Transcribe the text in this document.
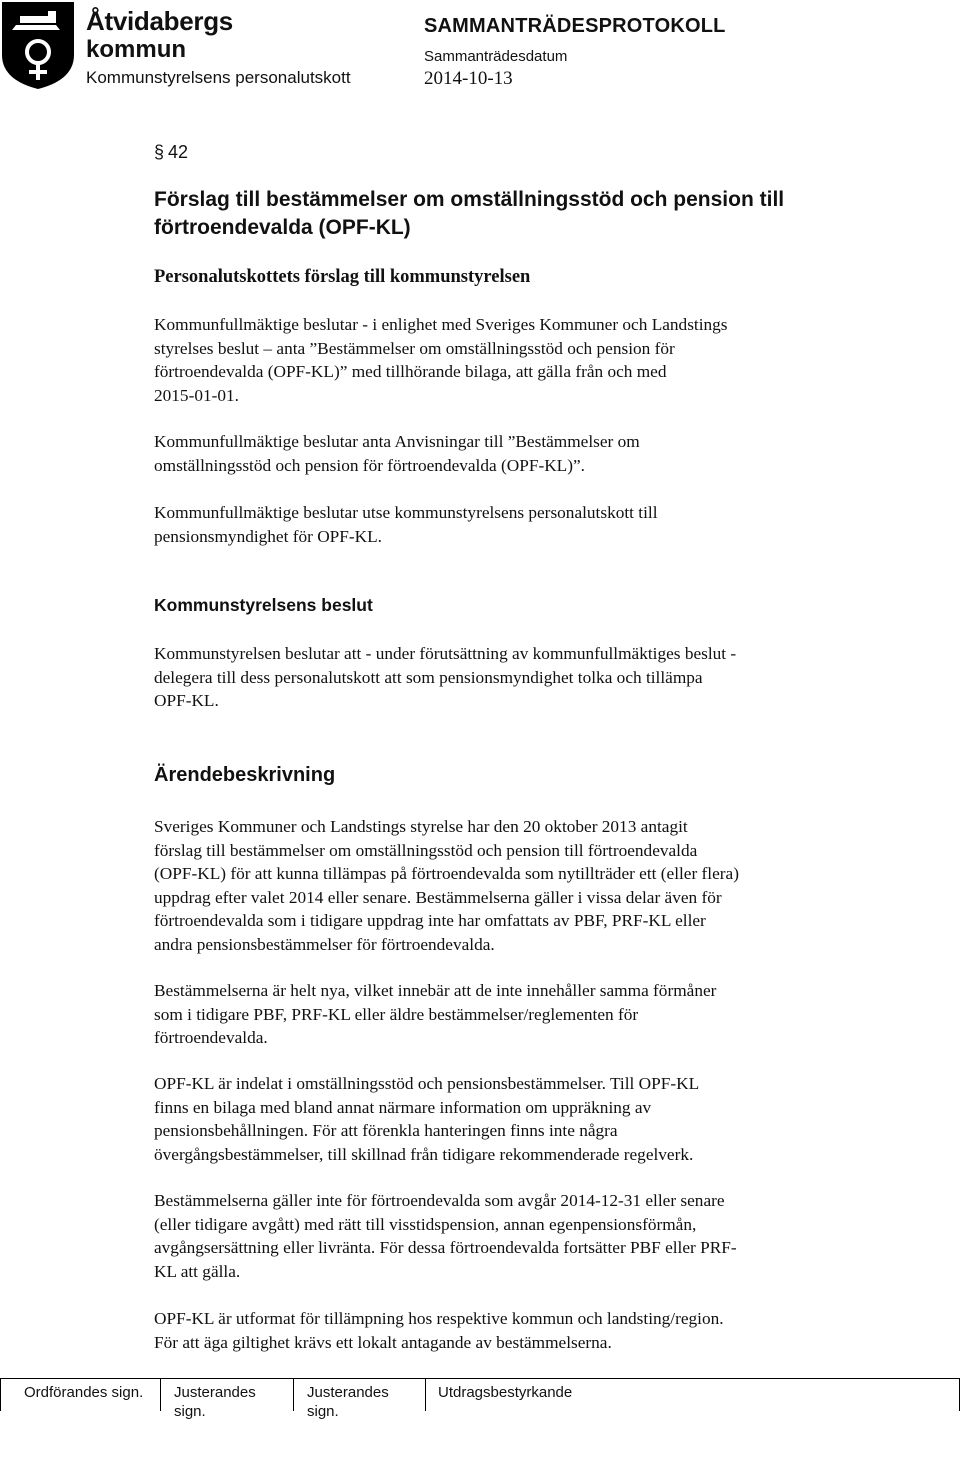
Åtvidabergs
kommun
Kommunstyrelsens personalutskott
SAMMANTRÄDESPROTOKOLL
Sammanträdesdatum
2014-10-13
§ 42
Förslag till bestämmelser om omställningsstöd och pension till
förtroendevalda (OPF-KL)
Personalutskottets förslag till kommunstyrelsen
Kommunfullmäktige beslutar - i enlighet med Sveriges Kommuner och Landstings
styrelses beslut – anta ”Bestämmelser om omställningsstöd och pension för
förtroendevalda (OPF-KL)” med tillhörande bilaga, att gälla från och med
2015-01-01.
Kommunfullmäktige beslutar anta Anvisningar till ”Bestämmelser om
omställningsstöd och pension för förtroendevalda (OPF-KL)”.
Kommunfullmäktige beslutar utse kommunstyrelsens personalutskott till
pensionsmyndighet för OPF-KL.
Kommunstyrelsens beslut
Kommunstyrelsen beslutar att - under förutsättning av kommunfullmäktiges beslut -
delegera till dess personalutskott att som pensionsmyndighet tolka och tillämpa
OPF-KL.
Ärendebeskrivning
Sveriges Kommuner och Landstings styrelse har den 20 oktober 2013 antagit
förslag till bestämmelser om omställningsstöd och pension till förtroendevalda
(OPF-KL) för att kunna tillämpas på förtroendevalda som nytillträder ett (eller flera)
uppdrag efter valet 2014 eller senare. Bestämmelserna gäller i vissa delar även för
förtroendevalda som i tidigare uppdrag inte har omfattats av PBF, PRF-KL eller
andra pensionsbestämmelser för förtroendevalda.
Bestämmelserna är helt nya, vilket innebär att de inte innehåller samma förmåner
som i tidigare PBF, PRF-KL eller äldre bestämmelser/reglementen för
förtroendevalda.
OPF-KL är indelat i omställningsstöd och pensionsbestämmelser. Till OPF-KL
finns en bilaga med bland annat närmare information om uppräkning av
pensionsbehållningen. För att förenkla hanteringen finns inte några
övergångsbestämmelser, till skillnad från tidigare rekommenderade regelverk.
Bestämmelserna gäller inte för förtroendevalda som avgår 2014-12-31 eller senare
(eller tidigare avgått) med rätt till visstidspension, annan egenpensionsförmån,
avgångsersättning eller livränta. För dessa förtroendevalda fortsätter PBF eller PRF-
KL att gälla.
OPF-KL är utformat för tillämpning hos respektive kommun och landsting/region.
För att äga giltighet krävs ett lokalt antagande av bestämmelserna.
Ordförandes sign. Justerandes
sign.
Justerandes
sign.
Utdragsbestyrkande
